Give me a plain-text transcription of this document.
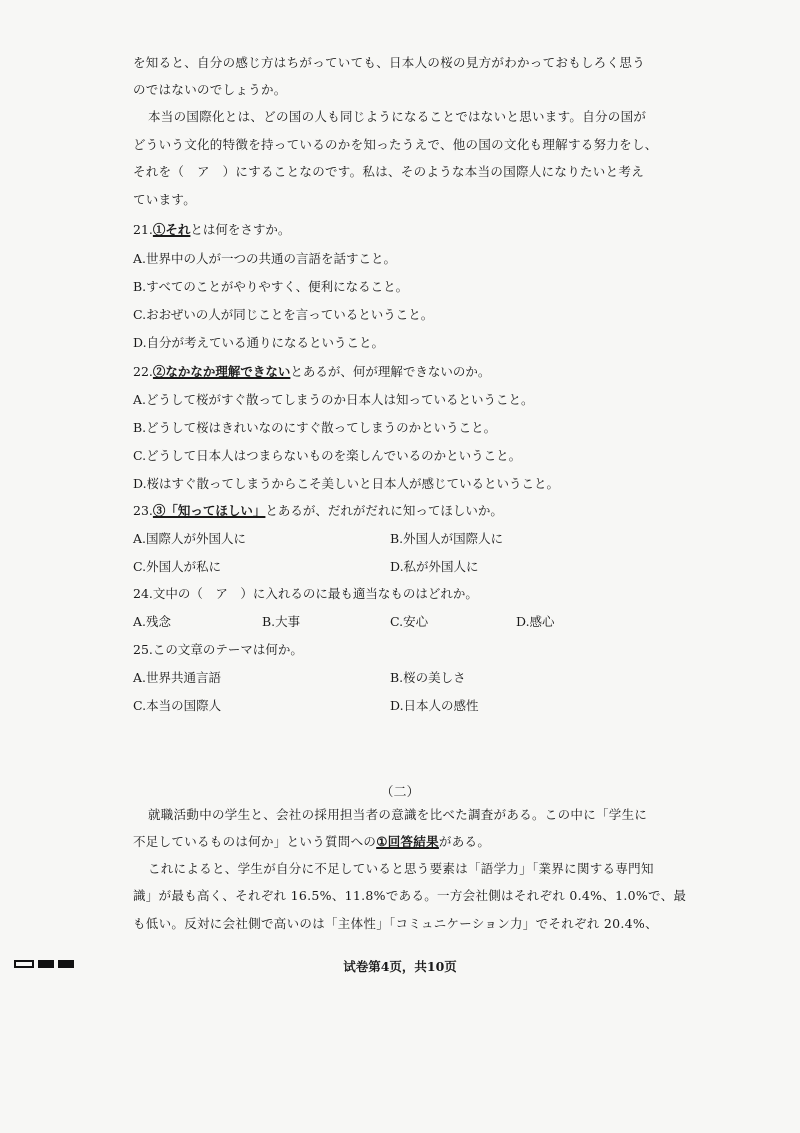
を知ると、自分の感じ方はちがっていても、日本人の桜の見方がわかっておもしろく思う
のではないのでしょうか。
本当の国際化とは、どの国の人も同じようになることではないと思います。自分の国が
どういう文化的特徴を持っているのかを知ったうえで、他の国の文化も理解する努力をし、
それを（　ア　）にすることなのです。私は、そのような本当の国際人になりたいと考え
ています。
21.①それとは何をさすか。
A.世界中の人が一つの共通の言語を話すこと。
B.すべてのことがやりやすく、便利になること。
C.おおぜいの人が同じことを言っているということ。
D.自分が考えている通りになるということ。
22.②なかなか理解できないとあるが、何が理解できないのか。
A.どうして桜がすぐ散ってしまうのか日本人は知っているということ。
B.どうして桜はきれいなのにすぐ散ってしまうのかということ。
C.どうして日本人はつまらないものを楽しんでいるのかということ。
D.桜はすぐ散ってしまうからこそ美しいと日本人が感じているということ。
23.③「知ってほしい」とあるが、だれがだれに知ってほしいか。
A.国際人が外国人に	B.外国人が国際人に
C.外国人が私に	D.私が外国人に
24.文中の（　ア　）に入れるのに最も適当なものはどれか。
A.残念	B.大事	C.安心	D.感心
25.この文章のテーマは何か。
A.世界共通言語	B.桜の美しさ
C.本当の国際人	D.日本人の感性
（二）
就職活動中の学生と、会社の採用担当者の意識を比べた調査がある。この中に「学生に
不足しているものは何か」という質問への①回答結果がある。
これによると、学生が自分に不足していると思う要素は「語学力」「業界に関する専門知
識」が最も高く、それぞれ 16.5%、11.8%である。一方会社側はそれぞれ 0.4%、1.0%で、最
も低い。反対に会社側で高いのは「主体性」「コミュニケーション力」でそれぞれ 20.4%、
试卷第4页，共10页
